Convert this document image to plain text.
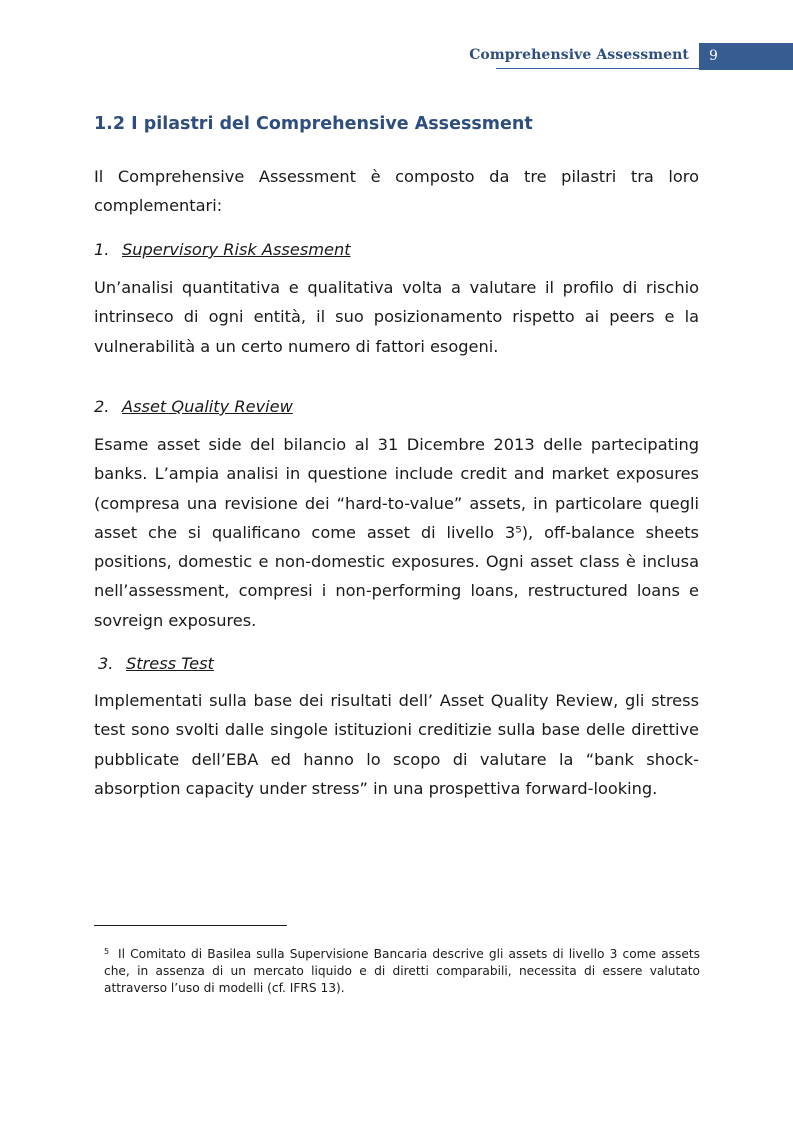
Comprehensive Assessment 9
1.2 I pilastri del Comprehensive Assessment

Il Comprehensive Assessment è composto da tre pilastri tra loro complementari:

1. Supervisory Risk Assesment

Un’analisi quantitativa e qualitativa volta a valutare il profilo di rischio intrinseco di ogni entità, il suo posizionamento rispetto ai peers e la vulnerabilità a un certo numero di fattori esogeni.

2. Asset Quality Review

Esame asset side del bilancio al 31 Dicembre 2013 delle partecipating banks. L’ampia analisi in questione include credit and market exposures (compresa una revisione dei “hard-to-value” assets, in particolare quegli asset che si qualificano come asset di livello 3⁵), off-balance sheets positions, domestic e non-domestic exposures. Ogni asset class è inclusa nell’assessment, compresi i non-performing loans, restructured loans e sovreign exposures.

3. Stress Test

Implementati sulla base dei risultati dell’ Asset Quality Review, gli stress test sono svolti dalle singole istituzioni creditizie sulla base delle direttive pubblicate dell’EBA ed hanno lo scopo di valutare la “bank shock-absorption capacity under stress” in una prospettiva forward-looking.

5 Il Comitato di Basilea sulla Supervisione Bancaria descrive gli assets di livello 3 come assets che, in assenza di un mercato liquido e di diretti comparabili, necessita di essere valutato attraverso l’uso di modelli (cf. IFRS 13).
